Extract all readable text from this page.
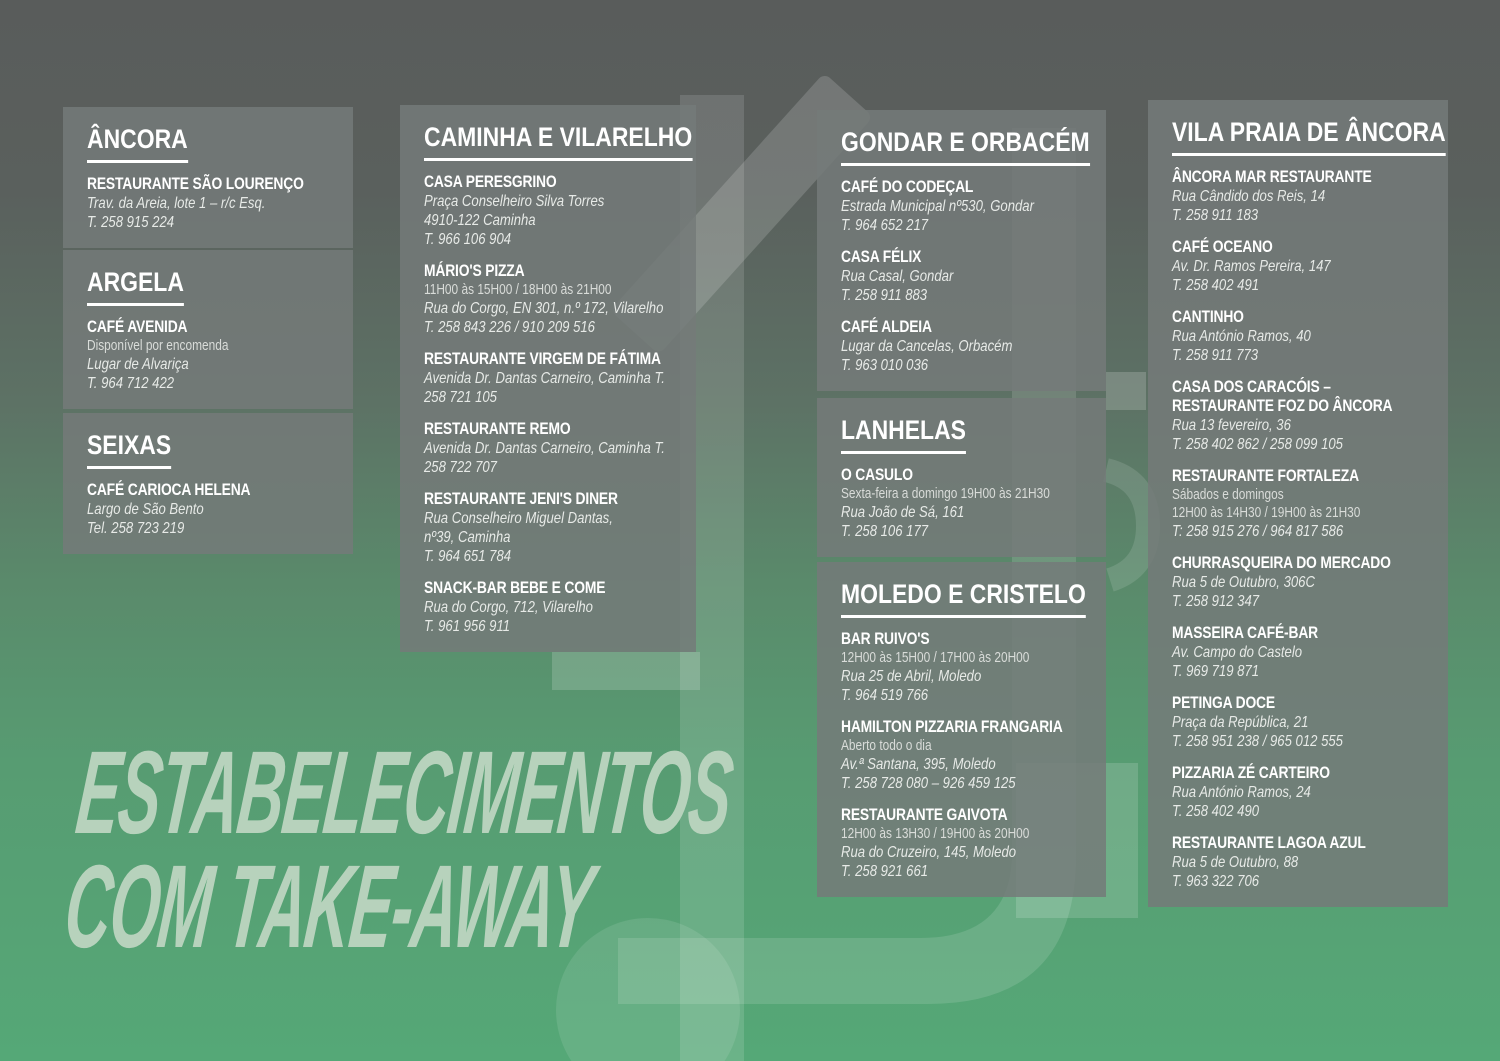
ESTABELECIMENTOS
COM TAKE-AWAY
ÂNCORA
RESTAURANTE SÃO LOURENÇO
Trav. da Areia, lote 1 – r/c Esq.
T. 258 915 224
ARGELA
CAFÉ AVENIDA
Disponível por encomenda
Lugar de Alvariça
T. 964 712 422
SEIXAS
CAFÉ CARIOCA HELENA
Largo de São Bento
Tel. 258 723 219
CAMINHA E VILARELHO
CASA PERESGRINO
Praça Conselheiro Silva Torres
4910-122 Caminha
T. 966 106 904
MÁRIO'S PIZZA
11H00 às 15H00 / 18H00 às 21H00
Rua do Corgo, EN 301, n.º 172, Vilarelho
T. 258 843 226 / 910 209 516
RESTAURANTE VIRGEM DE FÁTIMA
Avenida Dr. Dantas Carneiro, Caminha T.
258 721 105
RESTAURANTE REMO
Avenida Dr. Dantas Carneiro, Caminha T.
258 722 707
RESTAURANTE JENI'S DINER
Rua Conselheiro Miguel Dantas,
nº39, Caminha
T. 964 651 784
SNACK-BAR BEBE E COME
Rua do Corgo, 712, Vilarelho
T. 961 956 911
GONDAR E ORBACÉM
CAFÉ DO CODEÇAL
Estrada Municipal nº530, Gondar
T. 964 652 217
CASA FÉLIX
Rua Casal, Gondar
T. 258 911 883
CAFÉ ALDEIA
Lugar da Cancelas, Orbacém
T. 963 010 036
LANHELAS
O CASULO
Sexta-feira a domingo 19H00 às 21H30
Rua João de Sá, 161
T. 258 106 177
MOLEDO E CRISTELO
BAR RUIVO'S
12H00 às 15H00 / 17H00 às 20H00
Rua 25 de Abril, Moledo
T. 964 519 766
HAMILTON PIZZARIA FRANGARIA
Aberto todo o dia
Av.ª Santana, 395, Moledo
T. 258 728 080 – 926 459 125
RESTAURANTE GAIVOTA
12H00 às 13H30 / 19H00 às 20H00
Rua do Cruzeiro, 145, Moledo
T. 258 921 661
VILA PRAIA DE ÂNCORA
ÂNCORA MAR RESTAURANTE
Rua Cândido dos Reis, 14
T. 258 911 183
CAFÉ OCEANO
Av. Dr. Ramos Pereira, 147
T. 258 402 491
CANTINHO
Rua António Ramos, 40
T. 258 911 773
CASA DOS CARACÓIS –
RESTAURANTE FOZ DO ÂNCORA
Rua 13 fevereiro, 36
T. 258 402 862 / 258 099 105
RESTAURANTE FORTALEZA
Sábados e domingos
12H00 às 14H30 / 19H00 às 21H30
T: 258 915 276 / 964 817 586
CHURRASQUEIRA DO MERCADO
Rua 5 de Outubro, 306C
T. 258 912 347
MASSEIRA CAFÉ-BAR
Av. Campo do Castelo
T. 969 719 871
PETINGA DOCE
Praça da República, 21
T. 258 951 238 / 965 012 555
PIZZARIA ZÉ CARTEIRO
Rua António Ramos, 24
T. 258 402 490
RESTAURANTE LAGOA AZUL
Rua 5 de Outubro, 88
T. 963 322 706
